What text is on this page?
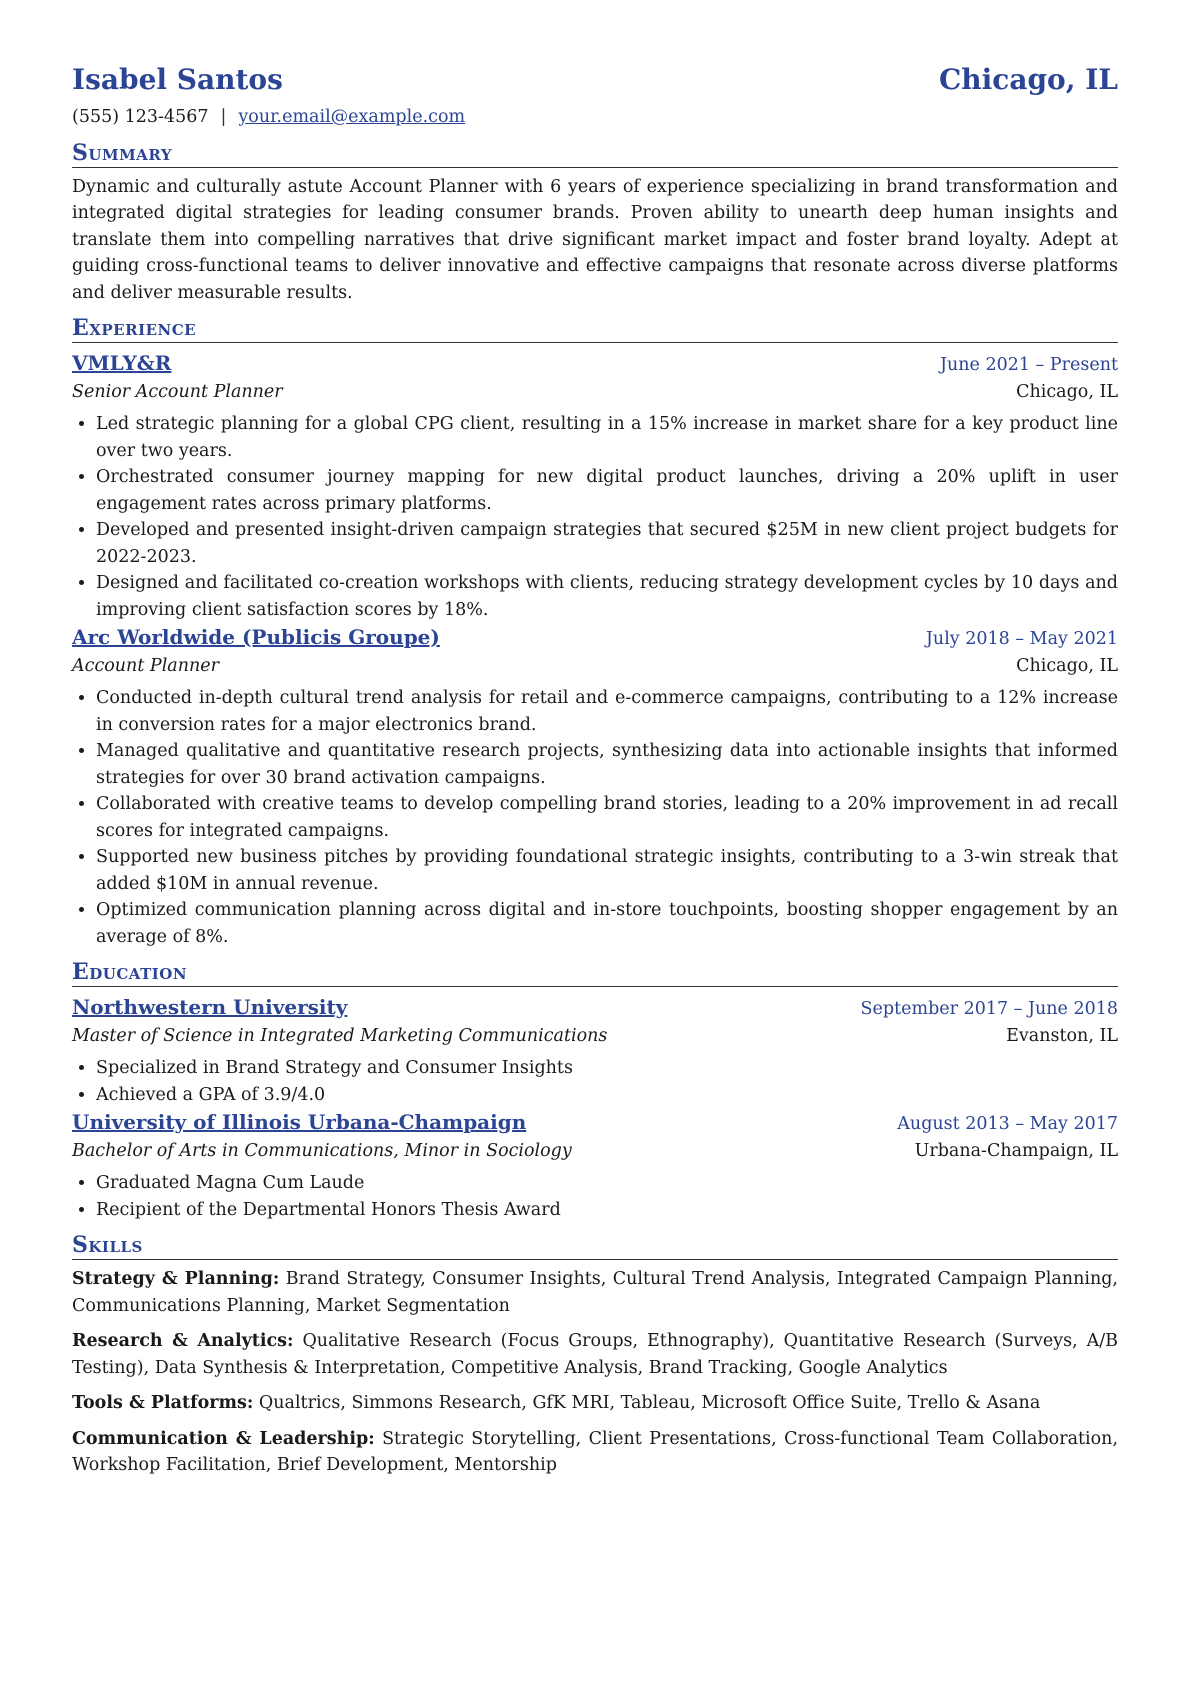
Isabel Santos	Chicago, IL
(555) 123-4567 | your.email@example.com
Summary
Dynamic and culturally astute Account Planner with 6 years of experience specializing in brand transformation and integrated digital strategies for leading consumer brands. Proven ability to unearth deep human insights and translate them into compelling narratives that drive significant market impact and foster brand loyalty. Adept at guiding cross-functional teams to deliver innovative and effective campaigns that resonate across diverse platforms and deliver measurable results.
Experience
VMLY&R	June 2021 – Present
Senior Account Planner	Chicago, IL
• Led strategic planning for a global CPG client, resulting in a 15% increase in market share for a key product line over two years.
• Orchestrated consumer journey mapping for new digital product launches, driving a 20% uplift in user engagement rates across primary platforms.
• Developed and presented insight-driven campaign strategies that secured $25M in new client project budgets for 2022-2023.
• Designed and facilitated co-creation workshops with clients, reducing strategy development cycles by 10 days and improving client satisfaction scores by 18%.
Arc Worldwide (Publicis Groupe)	July 2018 – May 2021
Account Planner	Chicago, IL
• Conducted in-depth cultural trend analysis for retail and e-commerce campaigns, contributing to a 12% increase in conversion rates for a major electronics brand.
• Managed qualitative and quantitative research projects, synthesizing data into actionable insights that informed strategies for over 30 brand activation campaigns.
• Collaborated with creative teams to develop compelling brand stories, leading to a 20% improvement in ad recall scores for integrated campaigns.
• Supported new business pitches by providing foundational strategic insights, contributing to a 3-win streak that added $10M in annual revenue.
• Optimized communication planning across digital and in-store touchpoints, boosting shopper engagement by an average of 8%.
Education
Northwestern University	September 2017 – June 2018
Master of Science in Integrated Marketing Communications	Evanston, IL
• Specialized in Brand Strategy and Consumer Insights
• Achieved a GPA of 3.9/4.0
University of Illinois Urbana-Champaign	August 2013 – May 2017
Bachelor of Arts in Communications, Minor in Sociology	Urbana-Champaign, IL
• Graduated Magna Cum Laude
• Recipient of the Departmental Honors Thesis Award
Skills
Strategy & Planning: Brand Strategy, Consumer Insights, Cultural Trend Analysis, Integrated Campaign Planning, Communications Planning, Market Segmentation
Research & Analytics: Qualitative Research (Focus Groups, Ethnography), Quantitative Research (Surveys, A/B Testing), Data Synthesis & Interpretation, Competitive Analysis, Brand Tracking, Google Analytics
Tools & Platforms: Qualtrics, Simmons Research, GfK MRI, Tableau, Microsoft Office Suite, Trello & Asana
Communication & Leadership: Strategic Storytelling, Client Presentations, Cross-functional Team Collaboration, Workshop Facilitation, Brief Development, Mentorship
